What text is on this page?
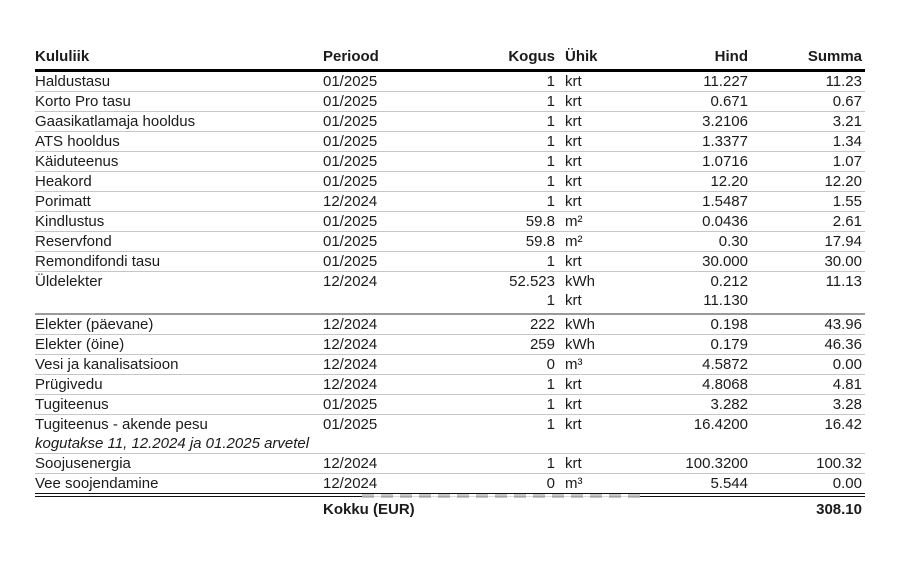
Kululiik	Periood	Kogus	Ühik	Hind	Summa
Haldustasu	01/2025	1	krt	11.227	11.23
Korto Pro tasu	01/2025	1	krt	0.671	0.67
Gaasikatlamaja hooldus	01/2025	1	krt	3.2106	3.21
ATS hooldus	01/2025	1	krt	1.3377	1.34
Käiduteenus	01/2025	1	krt	1.0716	1.07
Heakord	01/2025	1	krt	12.20	12.20
Porimatt	12/2024	1	krt	1.5487	1.55
Kindlustus	01/2025	59.8	m²	0.0436	2.61
Reservfond	01/2025	59.8	m²	0.30	17.94
Remondifondi tasu	01/2025	1	krt	30.000	30.00
Üldelekter	12/2024	52.523	kWh	0.212	11.13
		1	krt	11.130	
Elekter (päevane)	12/2024	222	kWh	0.198	43.96
Elekter (öine)	12/2024	259	kWh	0.179	46.36
Vesi ja kanalisatsioon	12/2024	0	m³	4.5872	0.00
Prügivedu	12/2024	1	krt	4.8068	4.81
Tugiteenus	01/2025	1	krt	3.282	3.28
Tugiteenus - akende pesu	01/2025	1	krt	16.4200	16.42
kogutakse 11, 12.2024 ja 01.2025 arvetel					
Soojusenergia	12/2024	1	krt	100.3200	100.32
Vee soojendamine	12/2024	0	m³	5.544	0.00
	Kokku (EUR)				308.10
